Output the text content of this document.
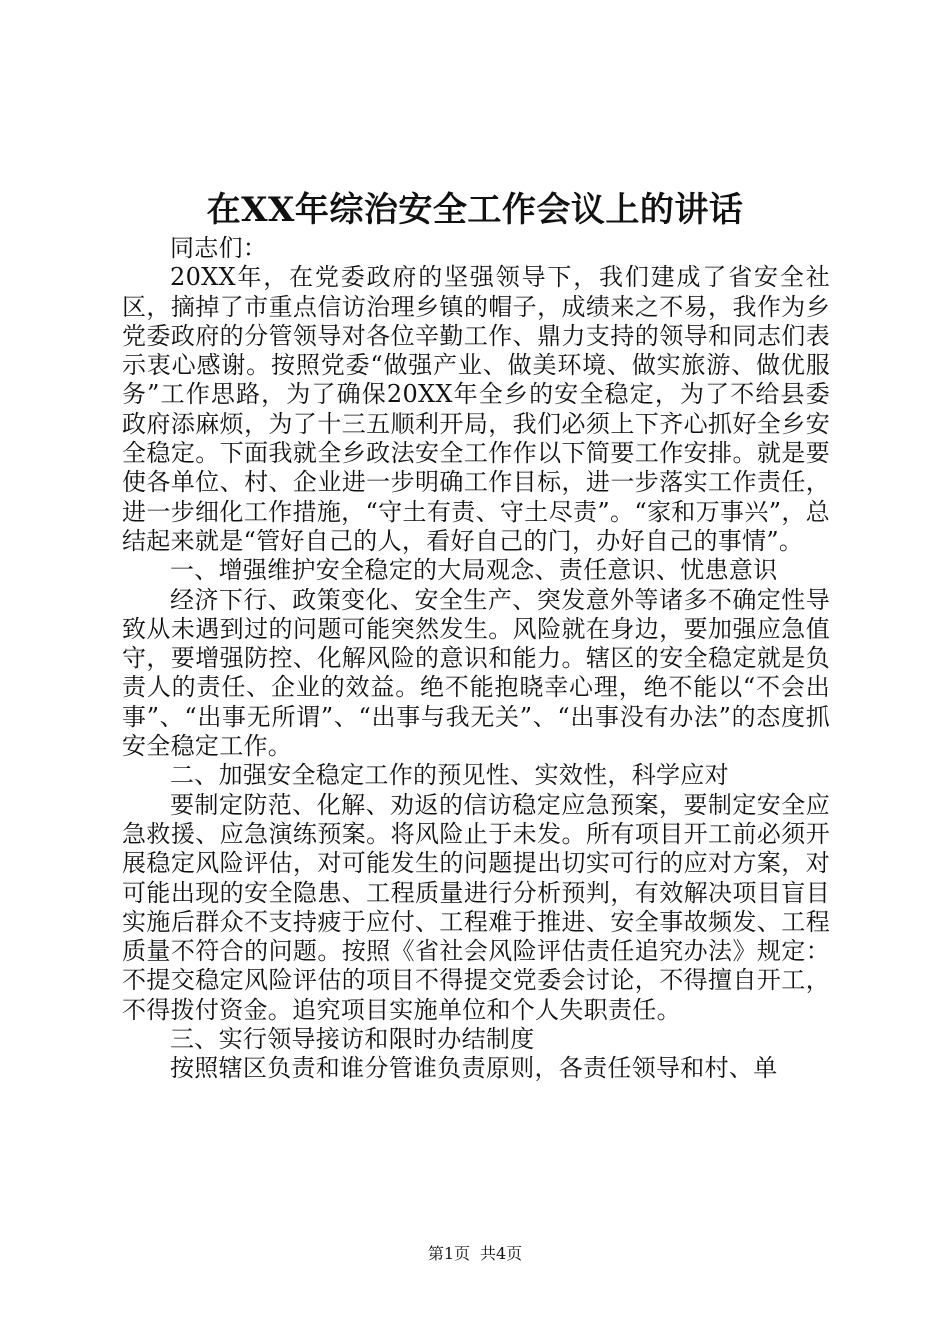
在XX年综治安全工作会议上的讲话

同志们：

20XX年，在党委政府的坚强领导下，我们建成了省安全社区，摘掉了市重点信访治理乡镇的帽子，成绩来之不易，我作为乡党委政府的分管领导对各位辛勤工作、鼎力支持的领导和同志们表示衷心感谢。按照党委“做强产业、做美环境、做实旅游、做优服务”工作思路，为了确保20XX年全乡的安全稳定，为了不给县委政府添麻烦，为了十三五顺利开局，我们必须上下齐心抓好全乡安全稳定。下面我就全乡政法安全工作作以下简要工作安排。就是要使各单位、村、企业进一步明确工作目标，进一步落实工作责任，进一步细化工作措施，“守土有责、守土尽责”。“家和万事兴”，总结起来就是“管好自己的人，看好自己的门，办好自己的事情”。

一、增强维护安全稳定的大局观念、责任意识、忧患意识

经济下行、政策变化、安全生产、突发意外等诸多不确定性导致从未遇到过的问题可能突然发生。风险就在身边，要加强应急值守，要增强防控、化解风险的意识和能力。辖区的安全稳定就是负责人的责任、企业的效益。绝不能抱晓幸心理，绝不能以“不会出事”、“出事无所谓”、“出事与我无关”、“出事没有办法”的态度抓安全稳定工作。

二、加强安全稳定工作的预见性、实效性，科学应对

要制定防范、化解、劝返的信访稳定应急预案，要制定安全应急救援、应急演练预案。将风险止于未发。所有项目开工前必须开展稳定风险评估，对可能发生的问题提出切实可行的应对方案，对可能出现的安全隐患、工程质量进行分析预判，有效解决项目盲目实施后群众不支持疲于应付、工程难于推进、安全事故频发、工程质量不符合的问题。按照《省社会风险评估责任追究办法》规定：不提交稳定风险评估的项目不得提交党委会讨论，不得擅自开工，不得拨付资金。追究项目实施单位和个人失职责任。

三、实行领导接访和限时办结制度

按照辖区负责和谁分管谁负责原则，各责任领导和村、单

第1页 共4页
